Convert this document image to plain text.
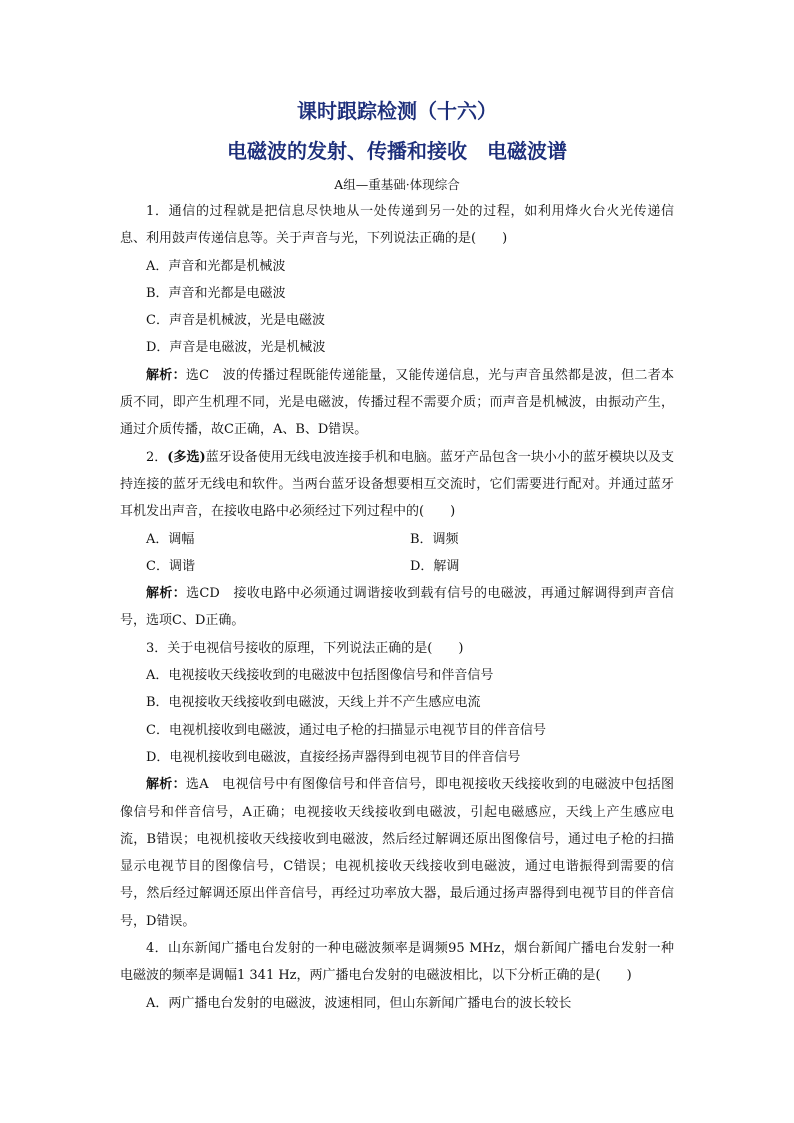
课时跟踪检测（十六）
电磁波的发射、传播和接收　电磁波谱
A组—重基础·体现综合

1．通信的过程就是把信息尽快地从一处传递到另一处的过程，如利用烽火台火光传递信息、利用鼓声传递信息等。关于声音与光，下列说法正确的是(　　)

A．声音和光都是机械波

B．声音和光都是电磁波

C．声音是机械波，光是电磁波

D．声音是电磁波，光是机械波

解析：选C　波的传播过程既能传递能量，又能传递信息，光与声音虽然都是波，但二者本质不同，即产生机理不同，光是电磁波，传播过程不需要介质；而声音是机械波，由振动产生，通过介质传播，故C正确，A、B、D错误。

2．(多选)蓝牙设备使用无线电波连接手机和电脑。蓝牙产品包含一块小小的蓝牙模块以及支持连接的蓝牙无线电和软件。当两台蓝牙设备想要相互交流时，它们需要进行配对。并通过蓝牙耳机发出声音，在接收电路中必须经过下列过程中的(　　)

A．调幅	B．调频
C．调谐	D．解调

解析：选CD　接收电路中必须通过调谐接收到载有信号的电磁波，再通过解调得到声音信号，选项C、D正确。

3．关于电视信号接收的原理，下列说法正确的是(　　)

A．电视接收天线接收到的电磁波中包括图像信号和伴音信号

B．电视接收天线接收到电磁波，天线上并不产生感应电流

C．电视机接收到电磁波，通过电子枪的扫描显示电视节目的伴音信号

D．电视机接收到电磁波，直接经扬声器得到电视节目的伴音信号

解析：选A　电视信号中有图像信号和伴音信号，即电视接收天线接收到的电磁波中包括图像信号和伴音信号，A正确；电视接收天线接收到电磁波，引起电磁感应，天线上产生感应电流，B错误；电视机接收天线接收到电磁波，然后经过解调还原出图像信号，通过电子枪的扫描显示电视节目的图像信号，C错误；电视机接收天线接收到电磁波，通过电谐振得到需要的信号，然后经过解调还原出伴音信号，再经过功率放大器，最后通过扬声器得到电视节目的伴音信号，D错误。

4．山东新闻广播电台发射的一种电磁波频率是调频95 MHz，烟台新闻广播电台发射一种电磁波的频率是调幅1 341 Hz，两广播电台发射的电磁波相比，以下分析正确的是(　　)

A．两广播电台发射的电磁波，波速相同，但山东新闻广播电台的波长较长
